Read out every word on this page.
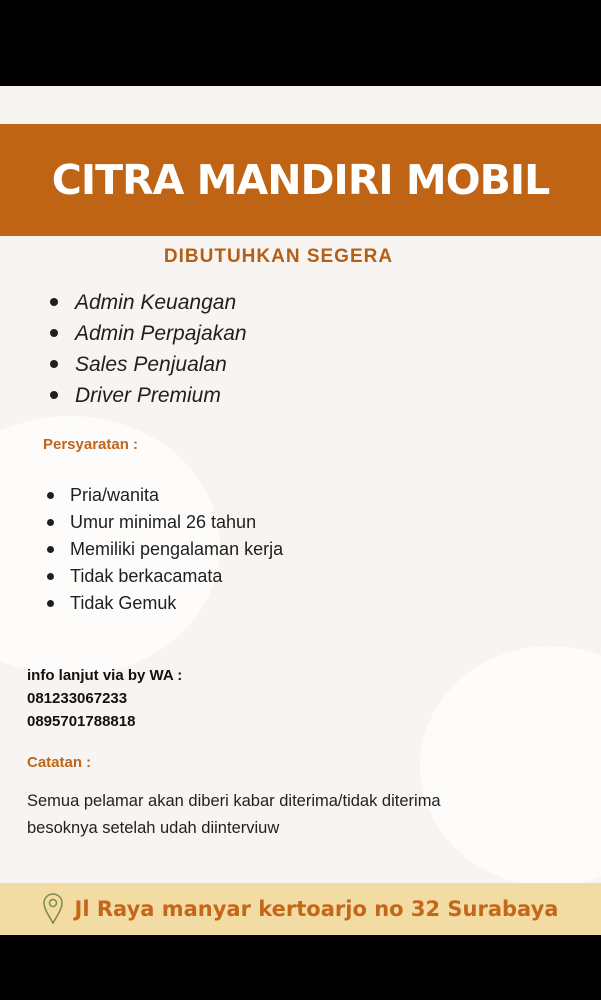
CITRA MANDIRI MOBIL
DIBUTUHKAN SEGERA
Admin Keuangan
Admin Perpajakan
Sales Penjualan
Driver Premium
Persyaratan :
Pria/wanita
Umur minimal 26 tahun
Memiliki pengalaman kerja
Tidak berkacamata
Tidak Gemuk
info lanjut via by WA :
081233067233
0895701788818
Catatan :
Semua pelamar akan diberi kabar diterima/tidak diterima
besoknya setelah udah diinterviuw
Jl Raya manyar kertoarjo no 32 Surabaya
